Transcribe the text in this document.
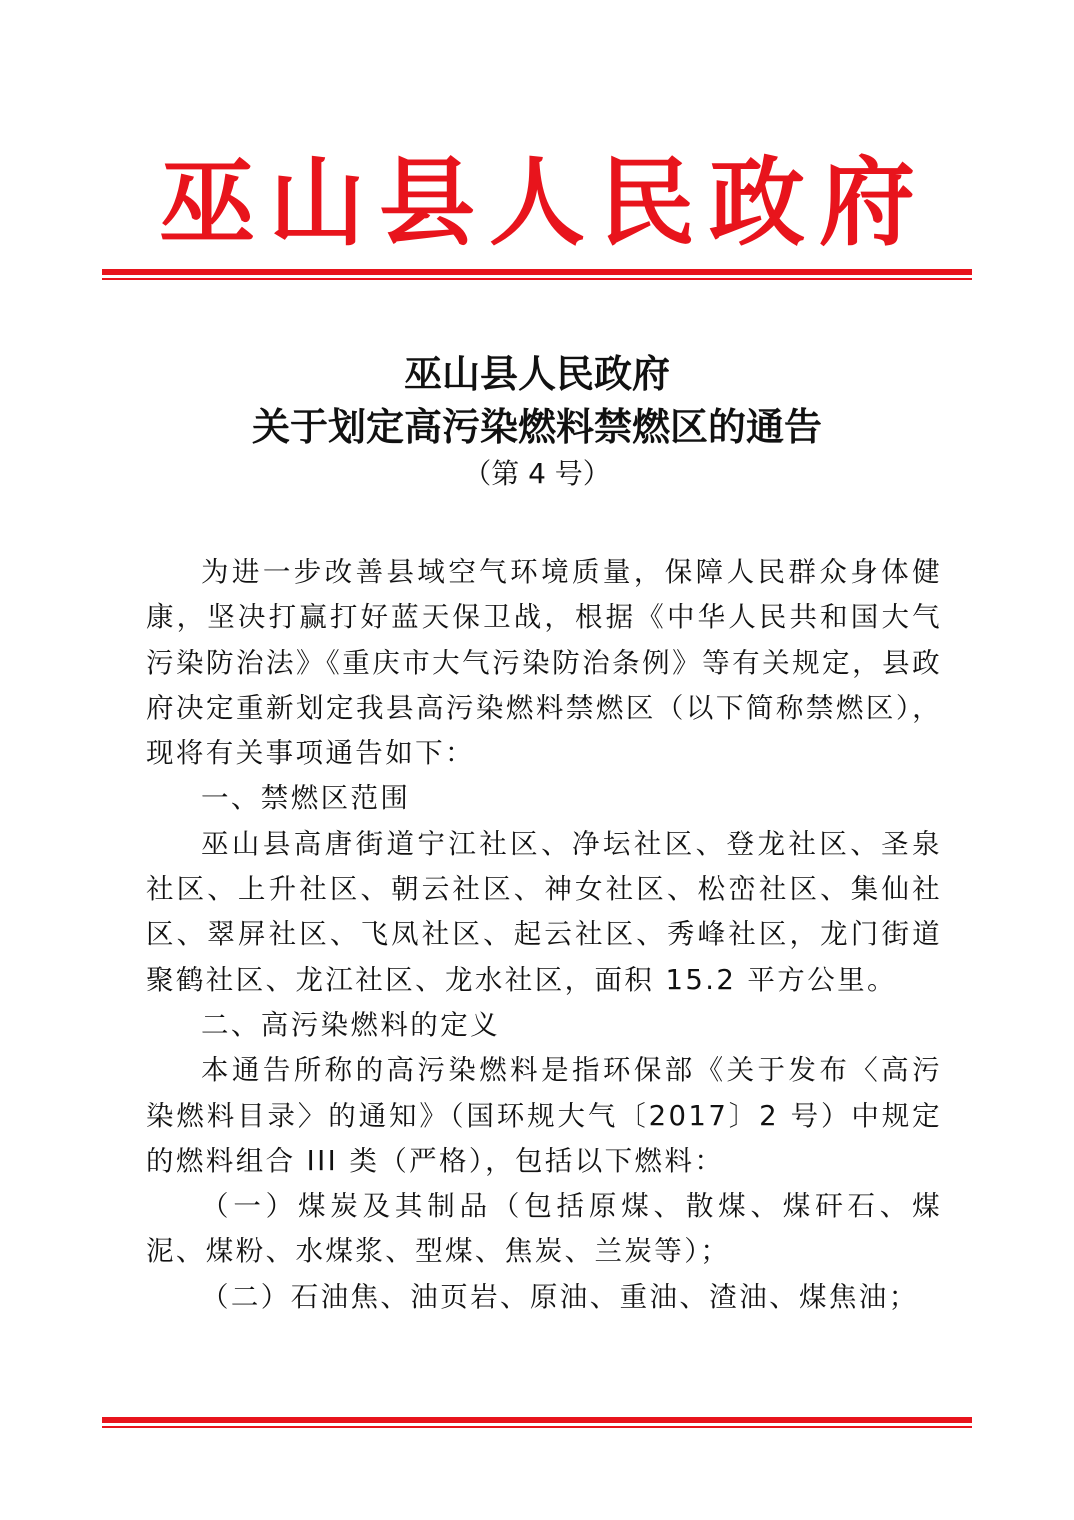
巫山县人民政府
巫山县人民政府
关于划定高污染燃料禁燃区的通告
（第 4 号）

为进一步改善县域空气环境质量，保障人民群众身体健康，坚决打赢打好蓝天保卫战，根据《中华人民共和国大气污染防治法》《重庆市大气污染防治条例》等有关规定，县政府决定重新划定我县高污染燃料禁燃区（以下简称禁燃区），现将有关事项通告如下：

一、禁燃区范围

巫山县高唐街道宁江社区、净坛社区、登龙社区、圣泉社区、上升社区、朝云社区、神女社区、松峦社区、集仙社区、翠屏社区、飞凤社区、起云社区、秀峰社区，龙门街道聚鹤社区、龙江社区、龙水社区，面积 15.2 平方公里。

二、高污染燃料的定义

本通告所称的高污染燃料是指环保部《关于发布〈高污染燃料目录〉的通知》（国环规大气〔2017〕2 号）中规定的燃料组合 III 类（严格），包括以下燃料：

（一）煤炭及其制品（包括原煤、散煤、煤矸石、煤泥、煤粉、水煤浆、型煤、焦炭、兰炭等）；

（二）石油焦、油页岩、原油、重油、渣油、煤焦油；
